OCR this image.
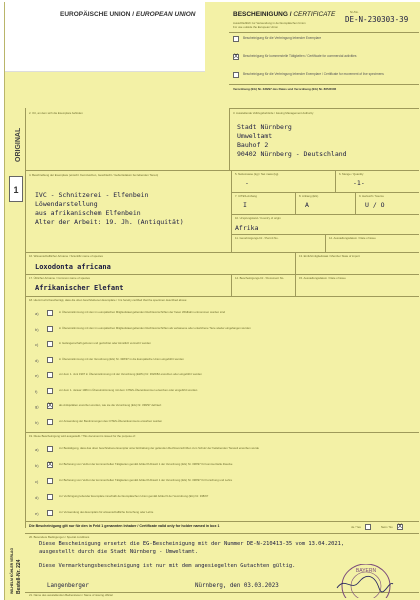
EUROPÄISCHE UNION / EUROPEAN UNION	BESCHEINIGUNG / CERTIFICATE	Nr./No.
DE-N-230303-39
Ausschließlich zur Verwendung in der Europäischen Union
For use outside the European Union
Bescheinigung für die Verbringung lebender Exemplare
X	Bescheinigung für kommerzielle Tätigkeiten / Certificate for commercial activities
Bescheinigung für die Verbringung lebender Exemplare / Certificate for movement of live specimens
Verordnung (EG) Nr. 338/97 des Rates und Verordnung (EG) Nr. 865/2006
ORIGINAL
1
2. Ort, an dem sich die Exemplare befinden	3. Ausstellende Vollzugsbehörde / Issuing Management Authority
Stadt Nürnberg
Umweltamt
Bauhof 2
90402 Nürnberg - Deutschland
4. Beschreibung der Exemplare (einschl. Kennzeichen, Geschlecht / Geburtsdatum bei lebenden Tieren)
IVC - Schnitzerei - Elfenbein
Löwendarstellung
aus afrikanischem Elfenbein
Alter der Arbeit: 19. Jh. (Antiquität)
5. Nettomasse (kg) / Net mass (kg)
-
6. Menge / Quantity
-1-
7. CITES-Anhang
I
8. Anhang (EG)
A
9. Herkunft / Source
U / O
10. Ursprungsland / Country of origin
Afrika
11. Genehmigungs-Nr. / Permit No.	12. Ausstellungsdatum / Date of issue
16. Wissenschaftlicher Artname / Scientific name of species
Loxodonta africana
13. Einfuhrmitgliedstaat / Member State of import
17. Üblicher Artname / Common name of species
Afrikanischer Elefant
14. Bescheinigungs-Nr. / Document No.	15. Ausstellungsdatum / Date of issue
18. Hiermit wird bescheinigt, dass die oben beschriebenen Exemplare / It is hereby certified that the specimen described above:
a)	in Übereinstimmung mit den im europäischen Mitgliedstaat geltenden Rechtsvorschriften der freien Wildbahn entnommen worden sind
b)	in Übereinstimmung mit den im europäischen Mitgliedstaat geltenden Rechtsvorschriften als verlassene oder entwichene Tiere wieder eingefangen wurden
c)	in Gefangenschaft geboren und gezüchtet oder künstlich vermehrt wurden
d)	in Übereinstimmung mit der Verordnung (EG) Nr. 338/97 in die Europäische Union eingeführt wurden
e)	vor dem 1. Juni 1997 in Übereinstimmung mit der Verordnung (EWG) Nr. 3626/82 erworben oder eingeführt wurden
f)	vor dem 1. Januar 1984 in Übereinstimmung mit dem CITES-Übereinkommen erworben oder eingeführt wurden
g)	X	als Antiquitäten erworben wurden, wie sie die Verordnung (EG) Nr. 338/97 definiert
h)	vor Anwendung der Bestimmungen des CITES-Übereinkommens erworben wurden
19. Diese Bescheinigung wird ausgestellt / This document is issued for the purpose of:
a)	zur Bestätigung, dass das oben beschriebene Exemplar unter Einhaltung der geltenden Rechtsvorschriften zum Schutz der freilebenden Tierwelt erworben wurde
b)	X	zur Befreiung vom Verbot der kommerziellen Tätigkeiten gemäß Artikel 8 Absatz 1 der Verordnung (EG) Nr. 338/97 für kommerzielle Zwecke
c)	zur Befreiung vom Verbot der kommerziellen Tätigkeiten gemäß Artikel 8 Absatz 1 der Verordnung (EG) Nr. 338/97 für Forschung und Lehre
d)	zur Verbringung lebender Exemplare innerhalb der Europäischen Union gemäß Artikel 9 der Verordnung (EG) Nr. 338/97
e)	zur Verwendung des Exemplars für wissenschaftliche Forschung oder Lehre
Die Bescheinigung gilt nur für den in Feld 1 genannten Inhaber / Certificate valid only for holder named in box 1	Ja / Yes	Nein / No X
20. Besondere Bedingungen / Special conditions
Diese Bescheinigung ersetzt die EG-Bescheinigung mit der Nummer DE-N-210413-35 vom 13.04.2021,
ausgestellt durch die Stadt Nürnberg - Umweltamt.
Diese Vermarktungsbescheinigung ist nur mit dem angesiegelten Gutachten gültig.
Langenberger	Nürnberg, den 03.03.2023
21. Name des ausstellenden Bediensteten / Name of issuing official
BAYERN
WILHELM KÖHLER VERLAG Bestell-Nr. 224
